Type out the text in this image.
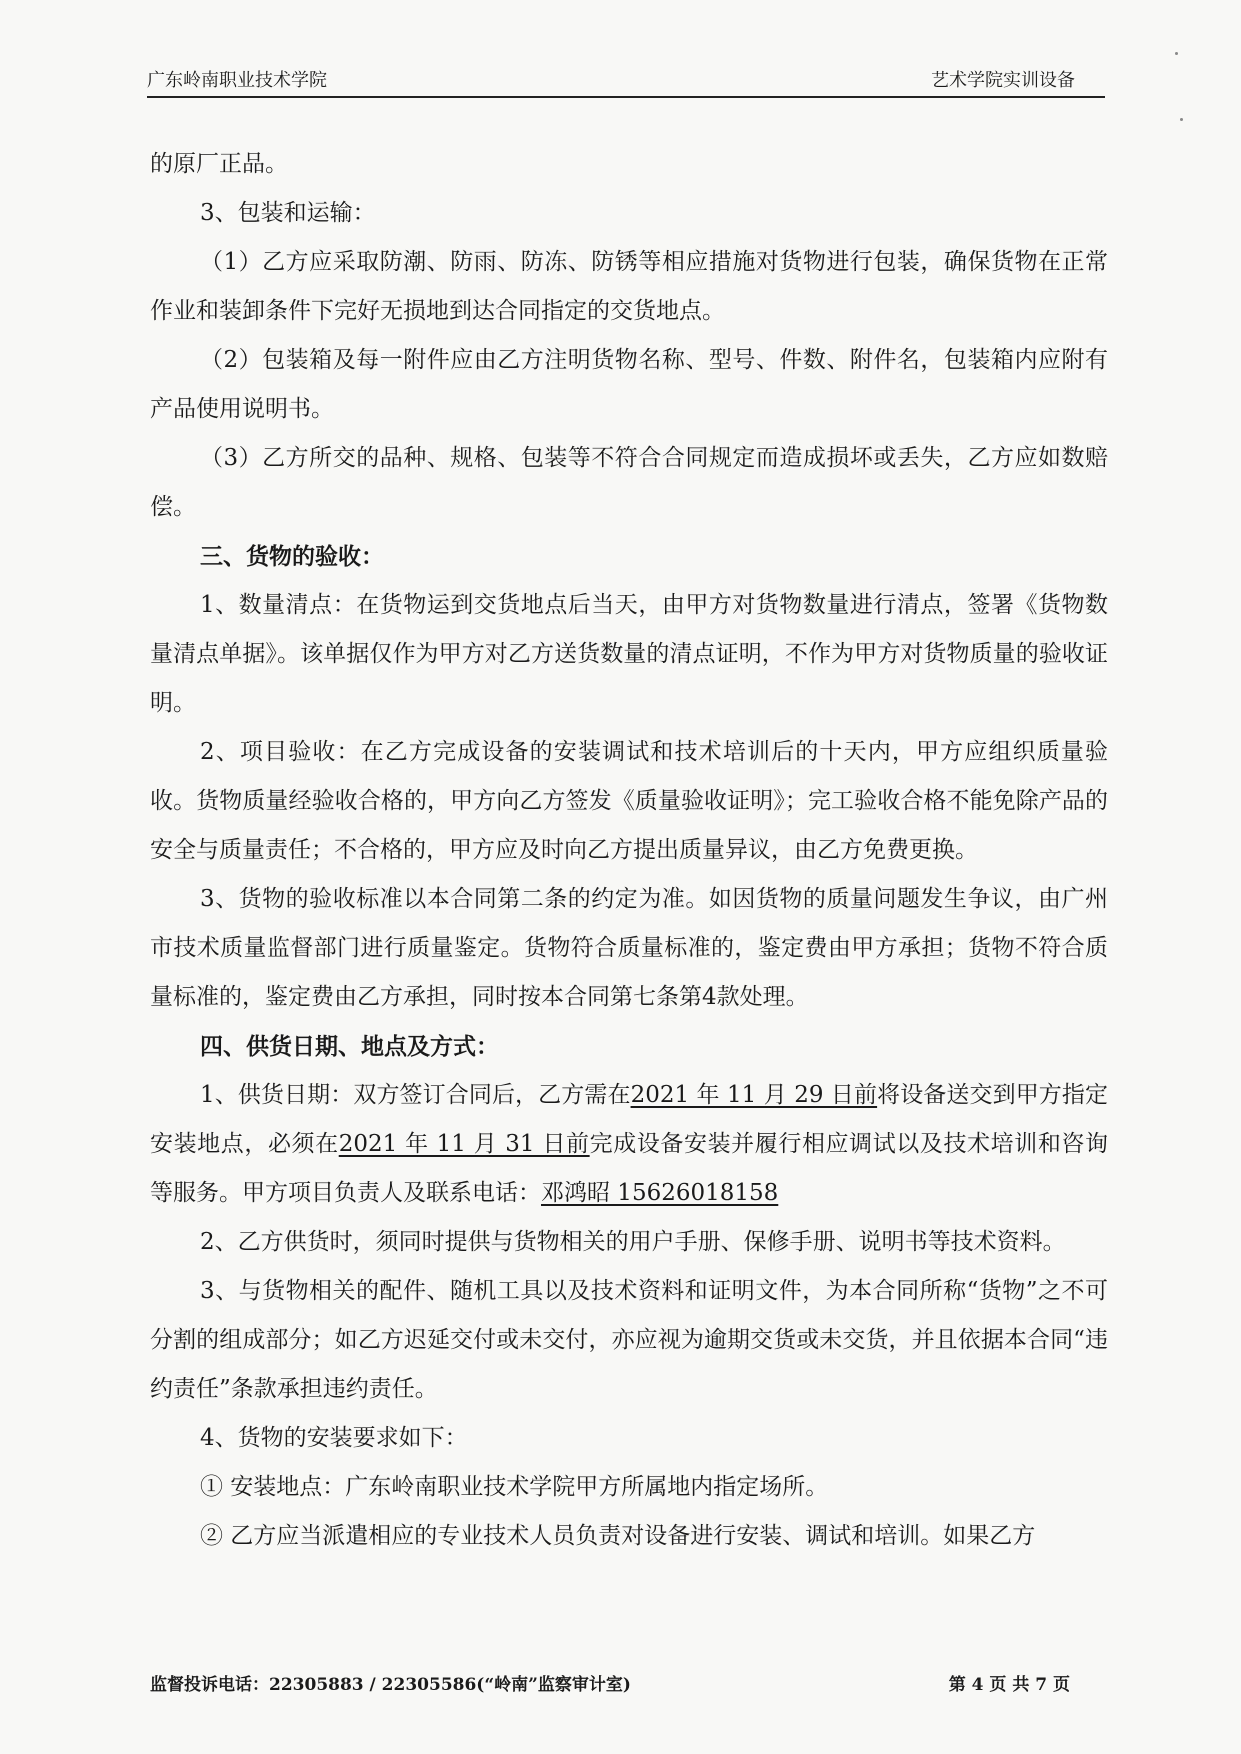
广东岭南职业技术学院	艺术学院实训设备

的原厂正品。

3、包装和运输：

（1）乙方应采取防潮、防雨、防冻、防锈等相应措施对货物进行包装，确保货物在正常作业和装卸条件下完好无损地到达合同指定的交货地点。

（2）包装箱及每一附件应由乙方注明货物名称、型号、件数、附件名，包装箱内应附有产品使用说明书。

（3）乙方所交的品种、规格、包装等不符合合同规定而造成损坏或丢失，乙方应如数赔偿。

三、货物的验收：

1、数量清点：在货物运到交货地点后当天，由甲方对货物数量进行清点，签署《货物数量清点单据》。该单据仅作为甲方对乙方送货数量的清点证明，不作为甲方对货物质量的验收证明。

2、项目验收：在乙方完成设备的安装调试和技术培训后的十天内，甲方应组织质量验收。货物质量经验收合格的，甲方向乙方签发《质量验收证明》；完工验收合格不能免除产品的安全与质量责任；不合格的，甲方应及时向乙方提出质量异议，由乙方免费更换。

3、货物的验收标准以本合同第二条的约定为准。如因货物的质量问题发生争议，由广州市技术质量监督部门进行质量鉴定。货物符合质量标准的，鉴定费由甲方承担；货物不符合质量标准的，鉴定费由乙方承担，同时按本合同第七条第4款处理。

四、供货日期、地点及方式：

1、供货日期：双方签订合同后，乙方需在2021 年 11 月 29 日前将设备送交到甲方指定安装地点，必须在2021 年 11 月 31 日前完成设备安装并履行相应调试以及技术培训和咨询等服务。甲方项目负责人及联系电话：邓鸿昭 15626018158

2、乙方供货时，须同时提供与货物相关的用户手册、保修手册、说明书等技术资料。

3、与货物相关的配件、随机工具以及技术资料和证明文件，为本合同所称“货物”之不可分割的组成部分；如乙方迟延交付或未交付，亦应视为逾期交货或未交货，并且依据本合同“违约责任”条款承担违约责任。

4、货物的安装要求如下：

① 安装地点：广东岭南职业技术学院甲方所属地内指定场所。

② 乙方应当派遣相应的专业技术人员负责对设备进行安装、调试和培训。如果乙方

监督投诉电话：22305883 / 22305586(“岭南”监察审计室)	第 4 页 共 7 页
